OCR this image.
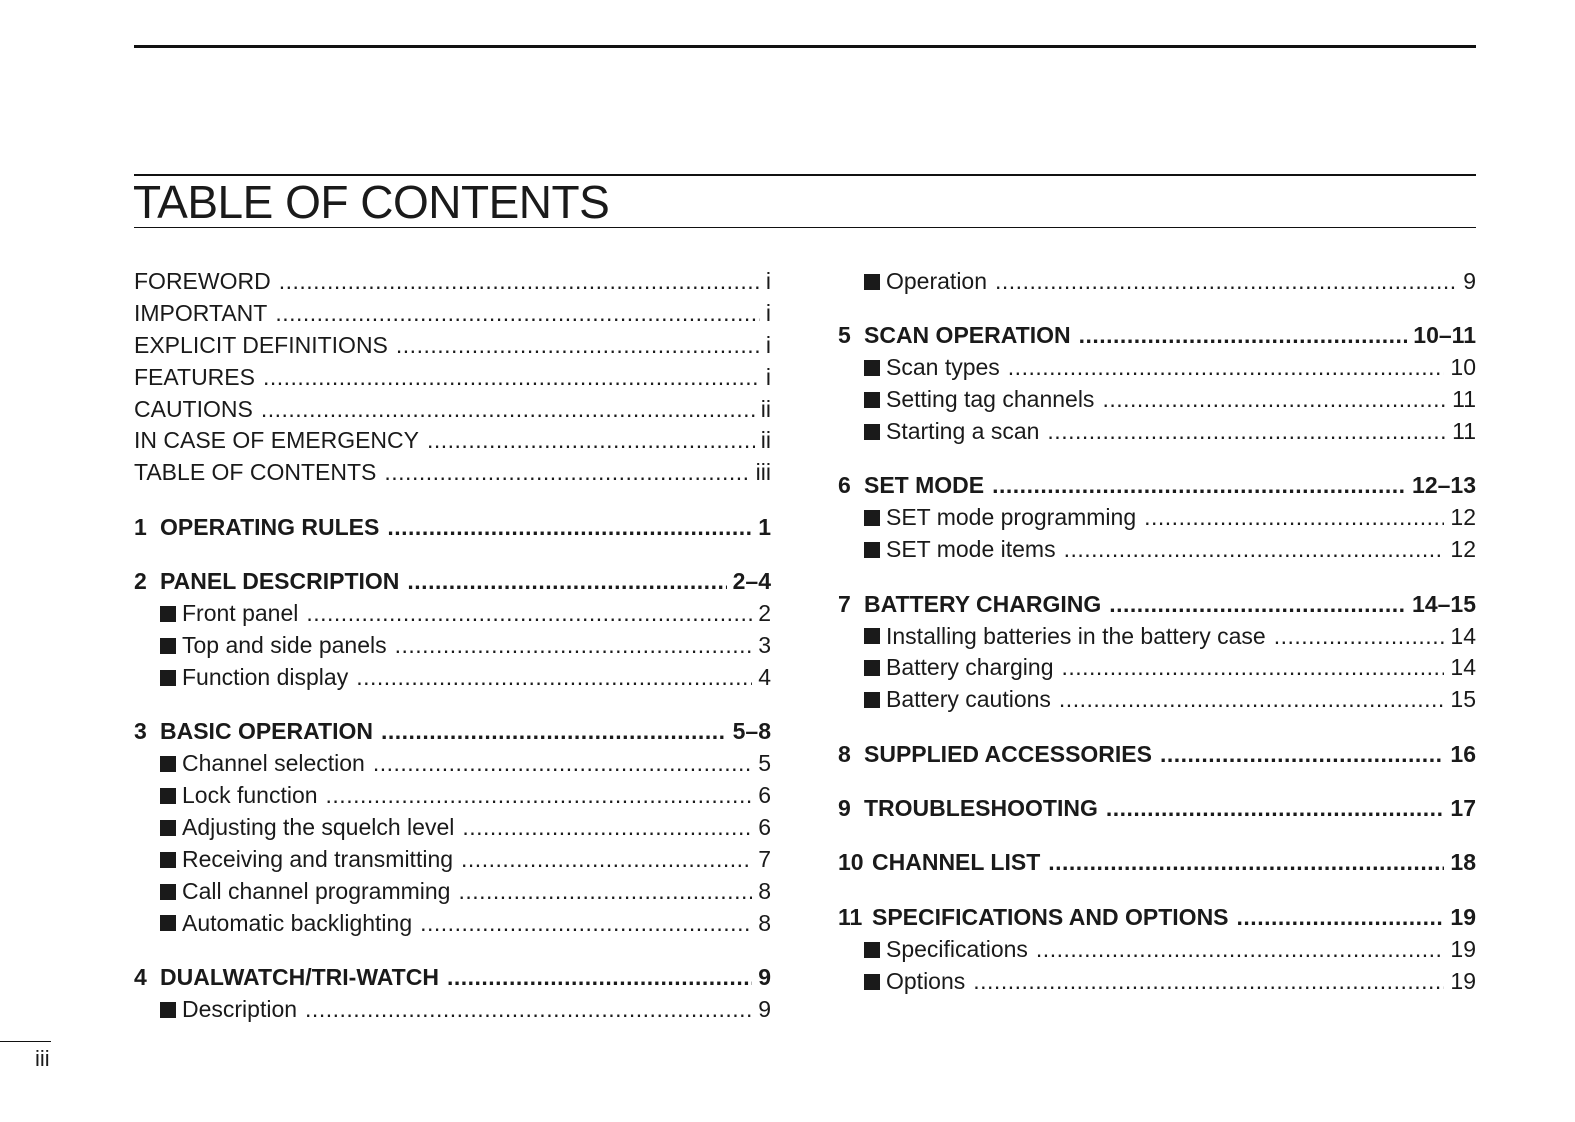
TABLE OF CONTENTS
FOREWORD .....	i
IMPORTANT .....	i
EXPLICIT DEFINITIONS .....	i
FEATURES .....	i
CAUTIONS .....	ii
IN CASE OF EMERGENCY .....	ii
TABLE OF CONTENTS .....	iii
1 OPERATING RULES .....	1
2 PANEL DESCRIPTION .....	2–4
Front panel .....	2
Top and side panels .....	3
Function display .....	4
3 BASIC OPERATION .....	5–8
Channel selection .....	5
Lock function .....	6
Adjusting the squelch level .....	6
Receiving and transmitting .....	7
Call channel programming .....	8
Automatic backlighting .....	8
4 DUALWATCH/TRI-WATCH .....	9
Description .....	9
Operation .....	9
5 SCAN OPERATION .....	10–11
Scan types .....	10
Setting tag channels .....	11
Starting a scan .....	11
6 SET MODE .....	12–13
SET mode programming .....	12
SET mode items .....	12
7 BATTERY CHARGING .....	14–15
Installing batteries in the battery case .....	14
Battery charging .....	14
Battery cautions .....	15
8 SUPPLIED ACCESSORIES .....	16
9 TROUBLESHOOTING .....	17
10 CHANNEL LIST .....	18
11 SPECIFICATIONS AND OPTIONS .....	19
Specifications .....	19
Options .....	19
iii
